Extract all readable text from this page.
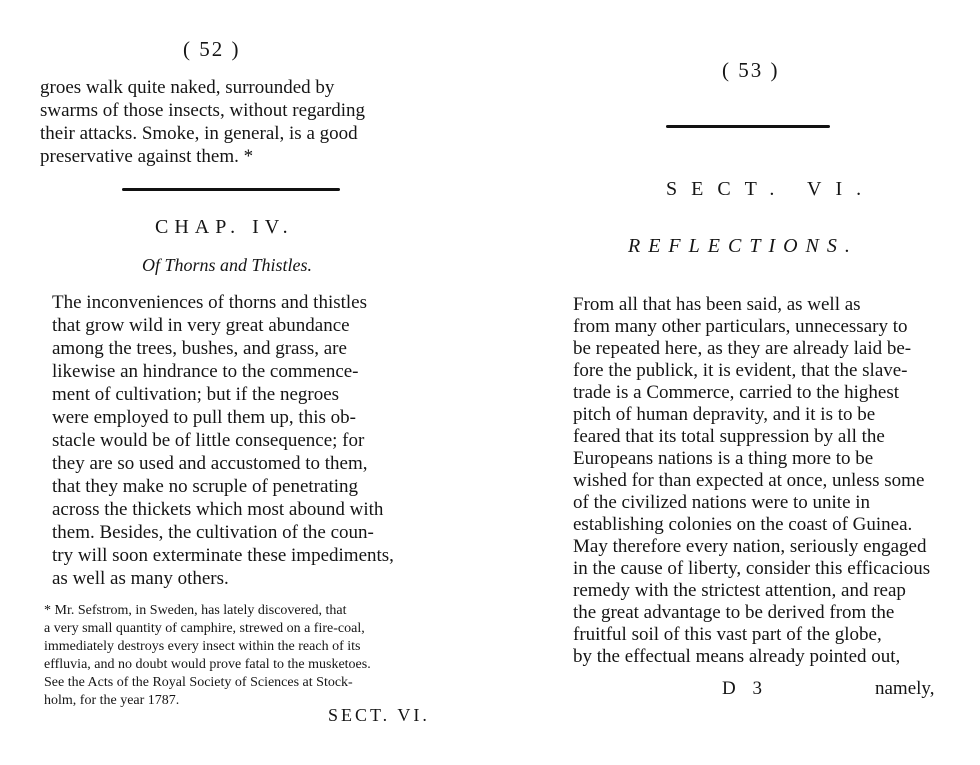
( 52 )
groes walk quite naked, surrounded by
swarms of those insects, without regarding
their attacks. Smoke, in general, is a good
preservative against them. *
CHAP. IV.
Of Thorns and Thistles.
The inconveniences of thorns and thistles
that grow wild in very great abundance
among the trees, bushes, and grass, are
likewise an hindrance to the commence-
ment of cultivation; but if the negroes
were employed to pull them up, this ob-
stacle would be of little consequence; for
they are so used and accustomed to them,
that they make no scruple of penetrating
across the thickets which most abound with
them. Besides, the cultivation of the coun-
try will soon exterminate these impediments,
as well as many others.
* Mr. Sefstrom, in Sweden, has lately discovered, that
a very small quantity of camphire, strewed on a fire-coal,
immediately destroys every insect within the reach of its
effluvia, and no doubt would prove fatal to the musketoes.
See the Acts of the Royal Society of Sciences at Stock-
holm, for the year 1787.
SECT. VI.
( 53 )
SECT. VI.
REFLECTIONS.
From all that has been said, as well as
from many other particulars, unnecessary to
be repeated here, as they are already laid be-
fore the publick, it is evident, that the slave-
trade is a Commerce, carried to the highest
pitch of human depravity, and it is to be
feared that its total suppression by all the
Europeans nations is a thing more to be
wished for than expected at once, unless some
of the civilized nations were to unite in
establishing colonies on the coast of Guinea.
May therefore every nation, seriously engaged
in the cause of liberty, consider this efficacious
remedy with the strictest attention, and reap
the great advantage to be derived from the
fruitful soil of this vast part of the globe,
by the effectual means already pointed out,
D 3	namely,
